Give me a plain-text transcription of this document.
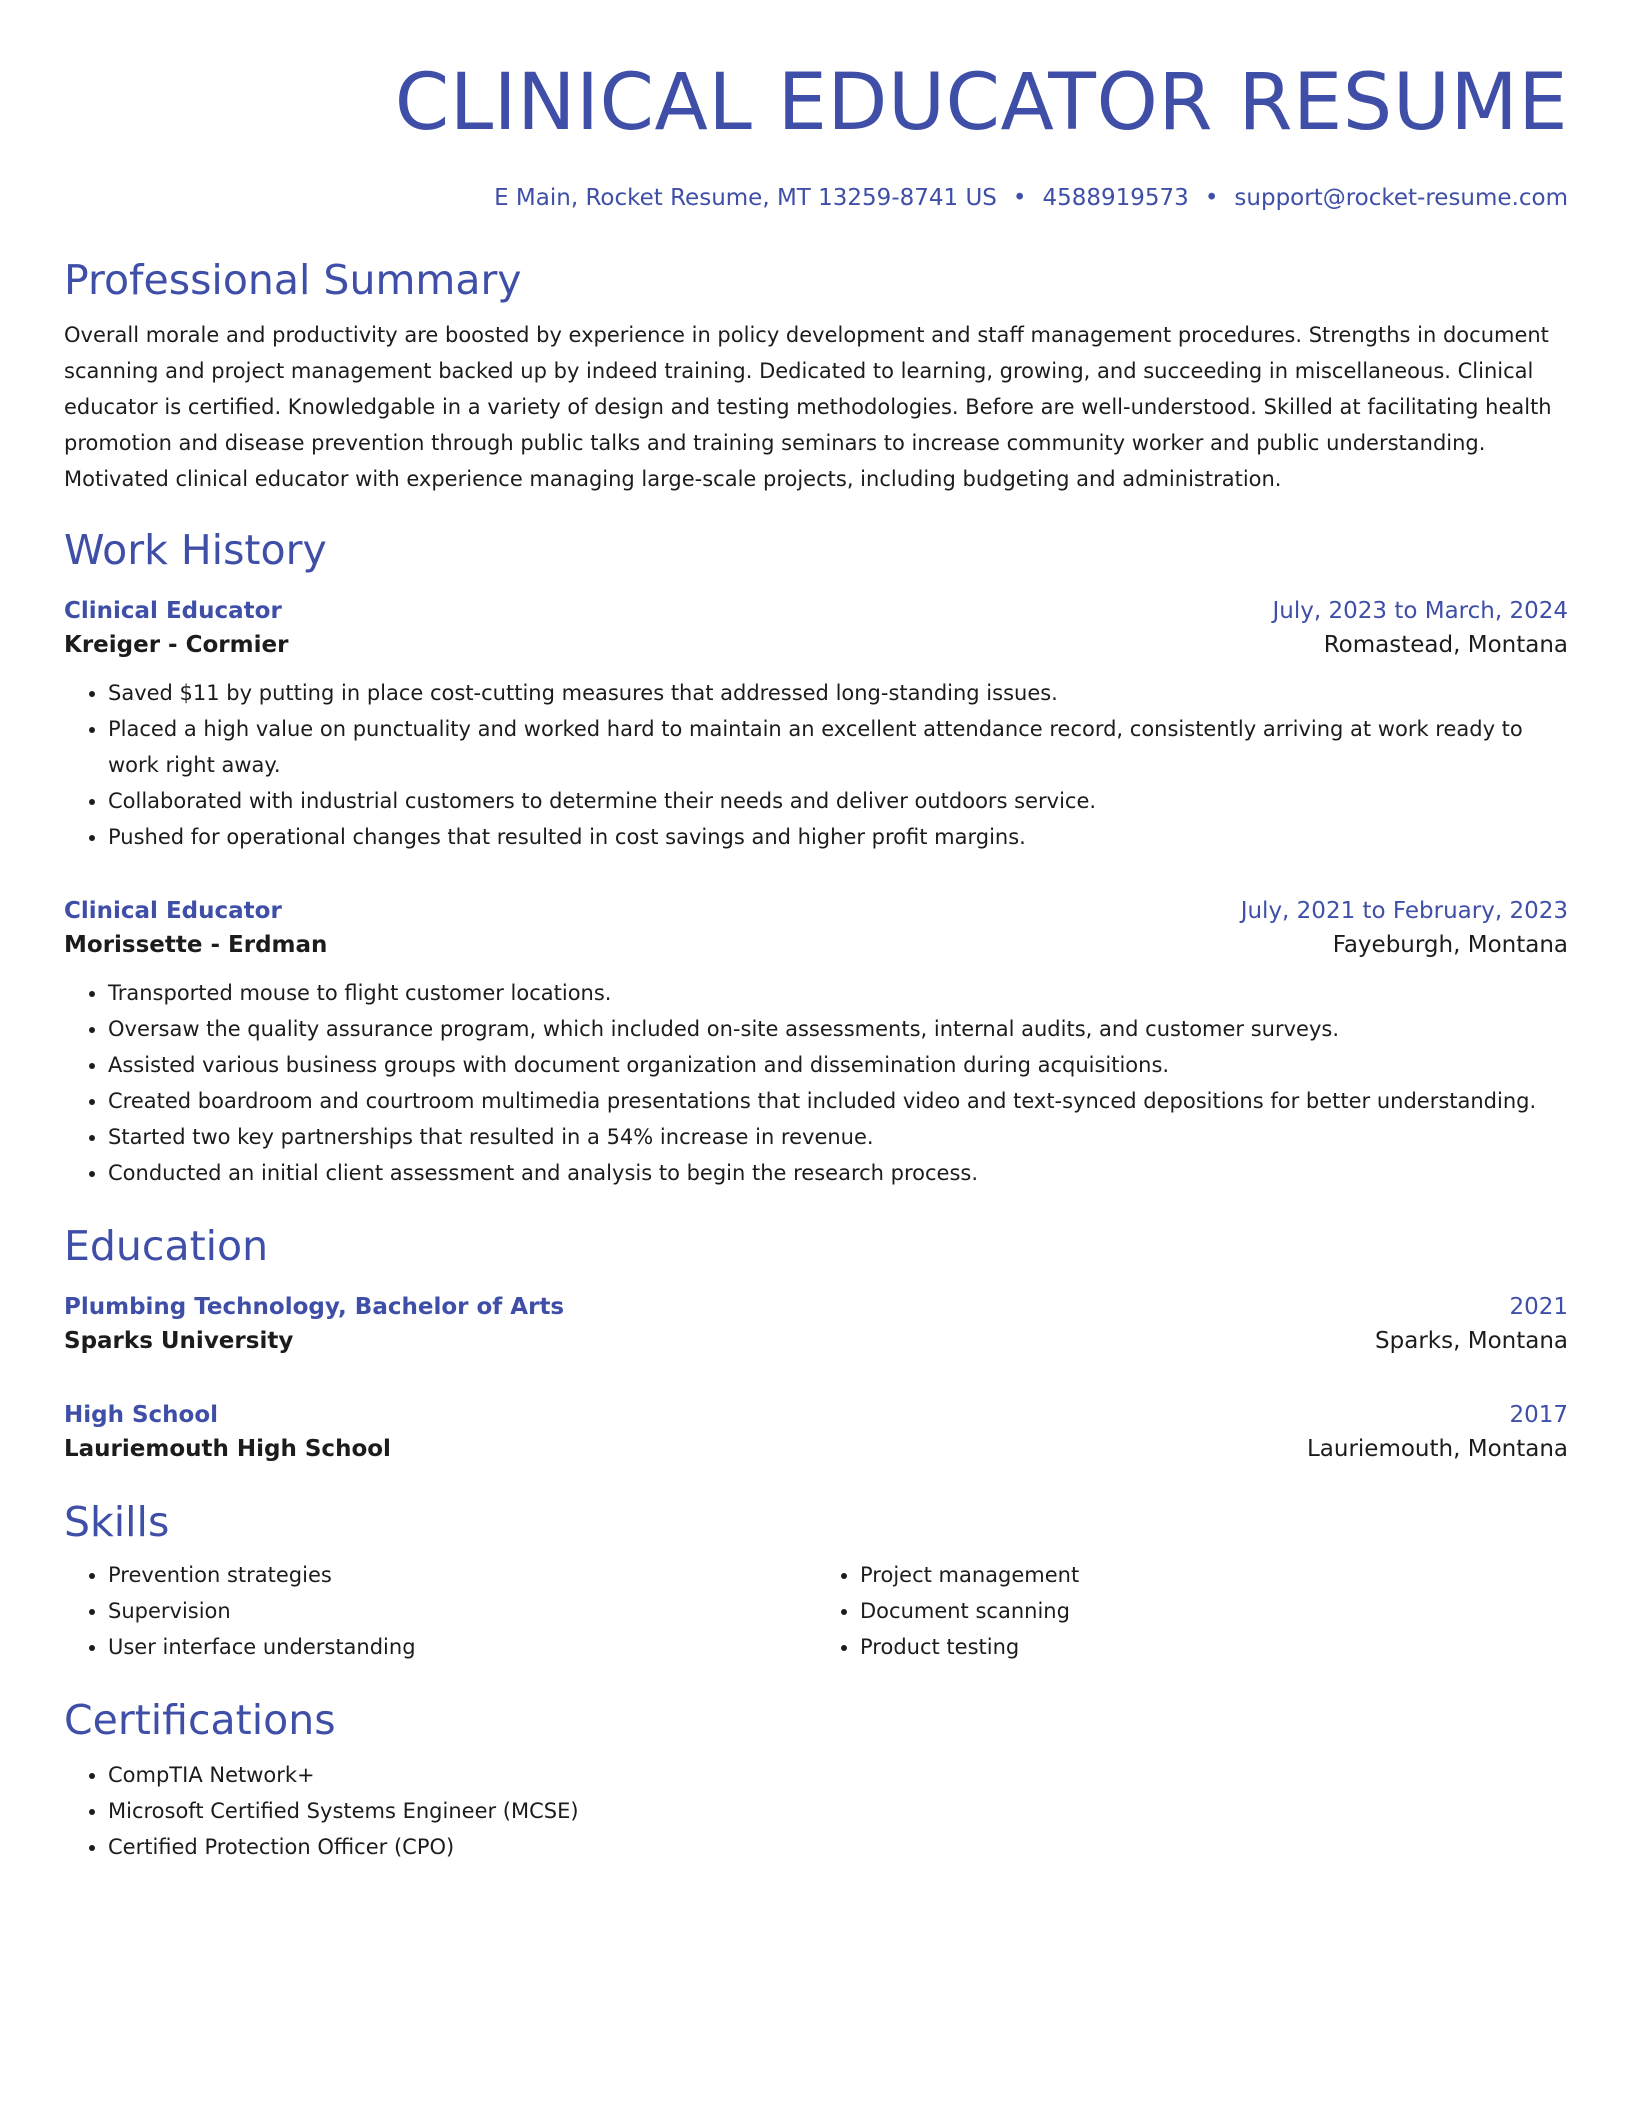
CLINICAL EDUCATOR RESUME
E Main, Rocket Resume, MT 13259-8741 US • 4588919573 • support@rocket-resume.com
Professional Summary
Overall morale and productivity are boosted by experience in policy development and staff management procedures. Strengths in document scanning and project management backed up by indeed training. Dedicated to learning, growing, and succeeding in miscellaneous. Clinical educator is certified. Knowledgable in a variety of design and testing methodologies. Before are well-understood. Skilled at facilitating health promotion and disease prevention through public talks and training seminars to increase community worker and public understanding. Motivated clinical educator with experience managing large-scale projects, including budgeting and administration.
Work History
Clinical Educator	July, 2023 to March, 2024
Kreiger - Cormier	Romastead, Montana
• Saved $11 by putting in place cost-cutting measures that addressed long-standing issues.
• Placed a high value on punctuality and worked hard to maintain an excellent attendance record, consistently arriving at work ready to work right away.
• Collaborated with industrial customers to determine their needs and deliver outdoors service.
• Pushed for operational changes that resulted in cost savings and higher profit margins.
Clinical Educator	July, 2021 to February, 2023
Morissette - Erdman	Fayeburgh, Montana
• Transported mouse to flight customer locations.
• Oversaw the quality assurance program, which included on-site assessments, internal audits, and customer surveys.
• Assisted various business groups with document organization and dissemination during acquisitions.
• Created boardroom and courtroom multimedia presentations that included video and text-synced depositions for better understanding.
• Started two key partnerships that resulted in a 54% increase in revenue.
• Conducted an initial client assessment and analysis to begin the research process.
Education
Plumbing Technology, Bachelor of Arts	2021
Sparks University	Sparks, Montana
High School	2017
Lauriemouth High School	Lauriemouth, Montana
Skills
• Prevention strategies
• Supervision
• User interface understanding
• Project management
• Document scanning
• Product testing
Certifications
• CompTIA Network+
• Microsoft Certified Systems Engineer (MCSE)
• Certified Protection Officer (CPO)
